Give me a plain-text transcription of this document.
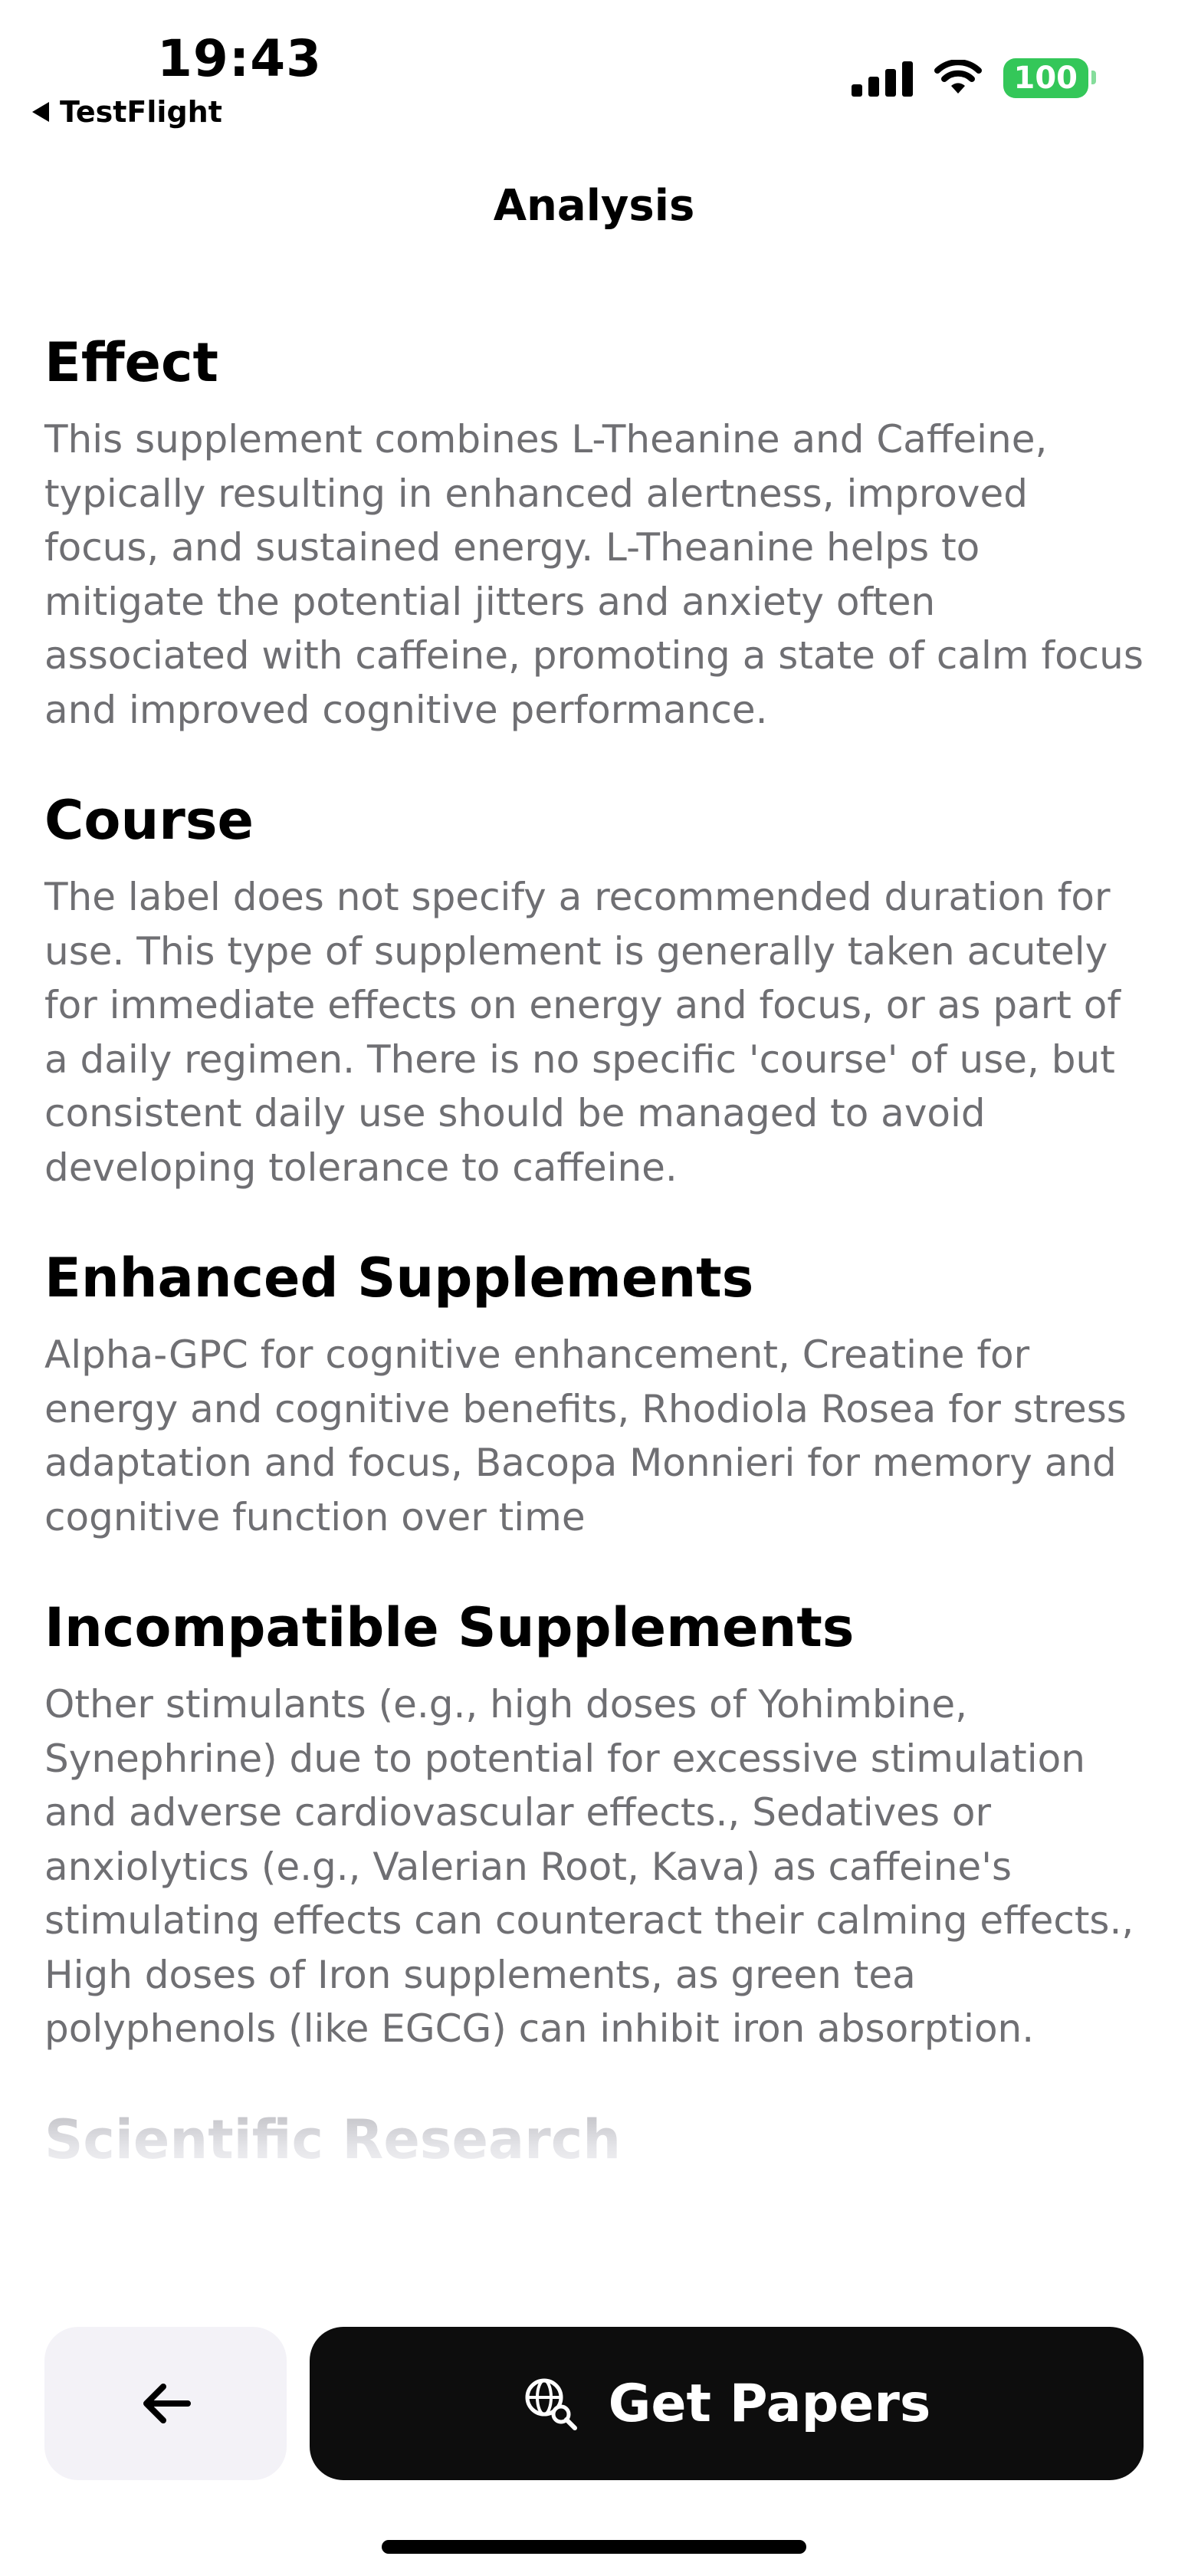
19:43
TestFlight
100
Analysis
Effect

This supplement combines L-Theanine and Caffeine, typically resulting in enhanced alertness, improved focus, and sustained energy. L-Theanine helps to mitigate the potential jitters and anxiety often associated with caffeine, promoting a state of calm focus and improved cognitive performance.

Course

The label does not specify a recommended duration for use. This type of supplement is generally taken acutely for immediate effects on energy and focus, or as part of a daily regimen. There is no specific 'course' of use, but consistent daily use should be managed to avoid developing tolerance to caffeine.

Enhanced Supplements

Alpha-GPC for cognitive enhancement, Creatine for energy and cognitive benefits, Rhodiola Rosea for stress adaptation and focus, Bacopa Monnieri for memory and cognitive function over time

Incompatible Supplements

Other stimulants (e.g., high doses of Yohimbine, Synephrine) due to potential for excessive stimulation and adverse cardiovascular effects., Sedatives or anxiolytics (e.g., Valerian Root, Kava) as caffeine's stimulating effects can counteract their calming effects., High doses of Iron supplements, as green tea polyphenols (like EGCG) can inhibit iron absorption.

Scientific Research
Get Papers
